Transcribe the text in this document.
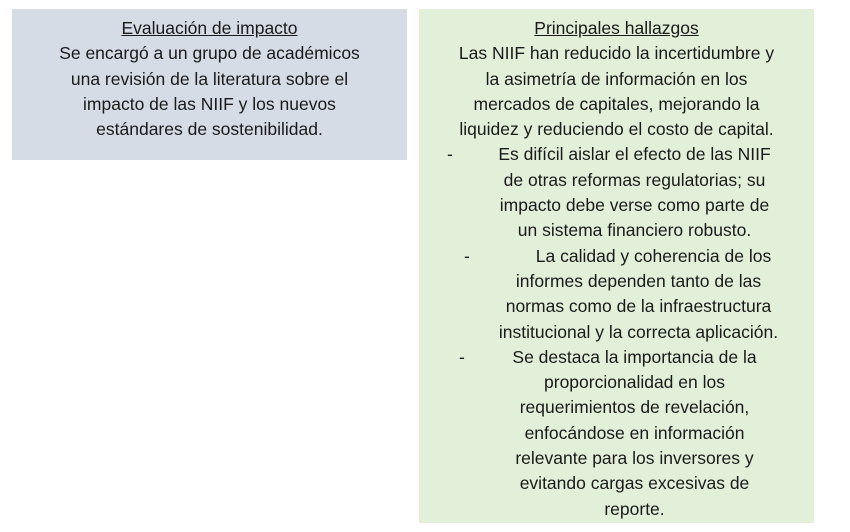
Evaluación de impacto
Se encargó a un grupo de académicos
una revisión de la literatura sobre el
impacto de las NIIF y los nuevos
estándares de sostenibilidad.
Principales hallazgos
Las NIIF han reducido la incertidumbre y
la asimetría de información en los
mercados de capitales, mejorando la
liquidez y reduciendo el costo de capital.
-	Es difícil aislar el efecto de las NIIF
de otras reformas regulatorias; su
impacto debe verse como parte de
un sistema financiero robusto.
-	La calidad y coherencia de los
informes dependen tanto de las
normas como de la infraestructura
institucional y la correcta aplicación.
-	Se destaca la importancia de la
proporcionalidad en los
requerimientos de revelación,
enfocándose en información
relevante para los inversores y
evitando cargas excesivas de
reporte.
